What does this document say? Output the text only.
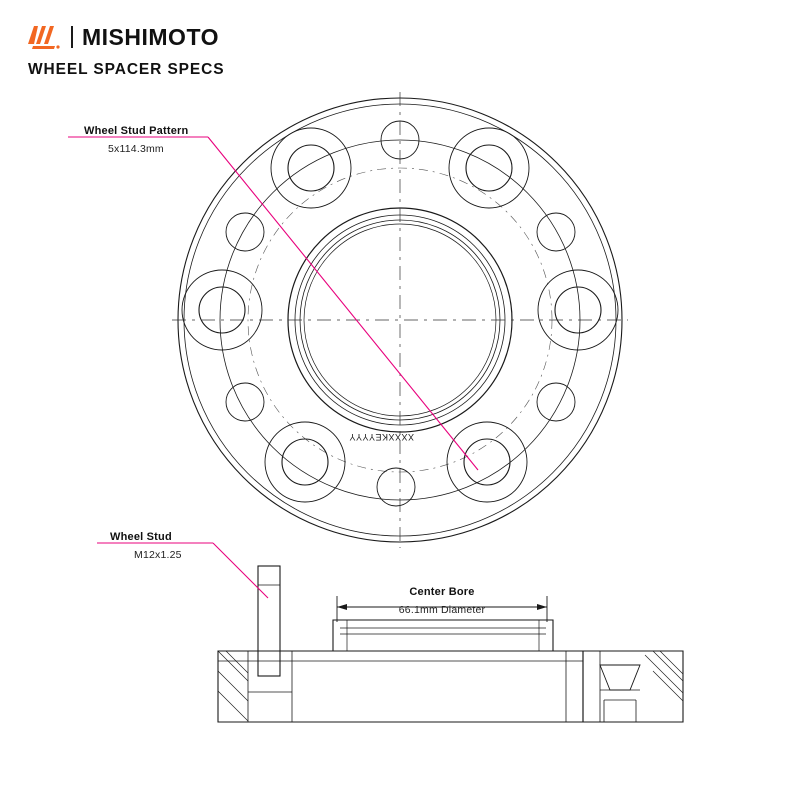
MISHIMOTO
WHEEL SPACER SPECS
Wheel Stud Pattern
5x114.3mm
Wheel Stud
M12x1.25
Center Bore
66.1mm Diameter
XXXXKEYYYY
